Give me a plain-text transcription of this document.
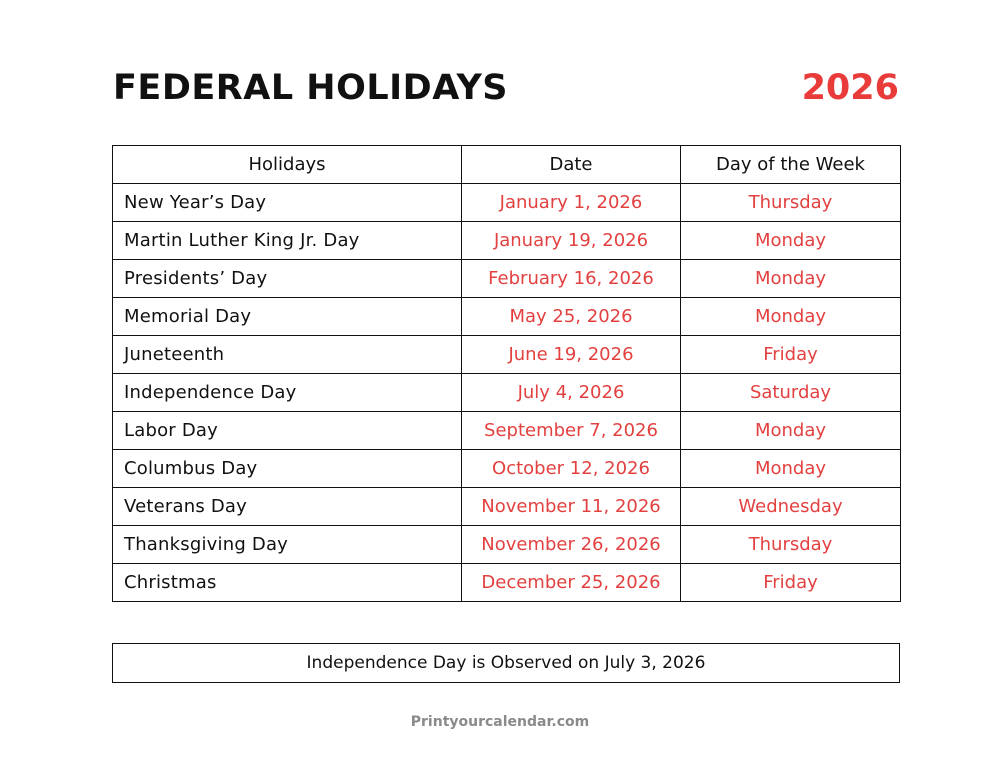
FEDERAL HOLIDAYS	2026
Holidays	Date	Day of the Week
New Year’s Day	January 1, 2026	Thursday
Martin Luther King Jr. Day	January 19, 2026	Monday
Presidents’ Day	February 16, 2026	Monday
Memorial Day	May 25, 2026	Monday
Juneteenth	June 19, 2026	Friday
Independence Day	July 4, 2026	Saturday
Labor Day	September 7, 2026	Monday
Columbus Day	October 12, 2026	Monday
Veterans Day	November 11, 2026	Wednesday
Thanksgiving Day	November 26, 2026	Thursday
Christmas	December 25, 2026	Friday
Independence Day is Observed on July 3, 2026
Printyourcalendar.com
